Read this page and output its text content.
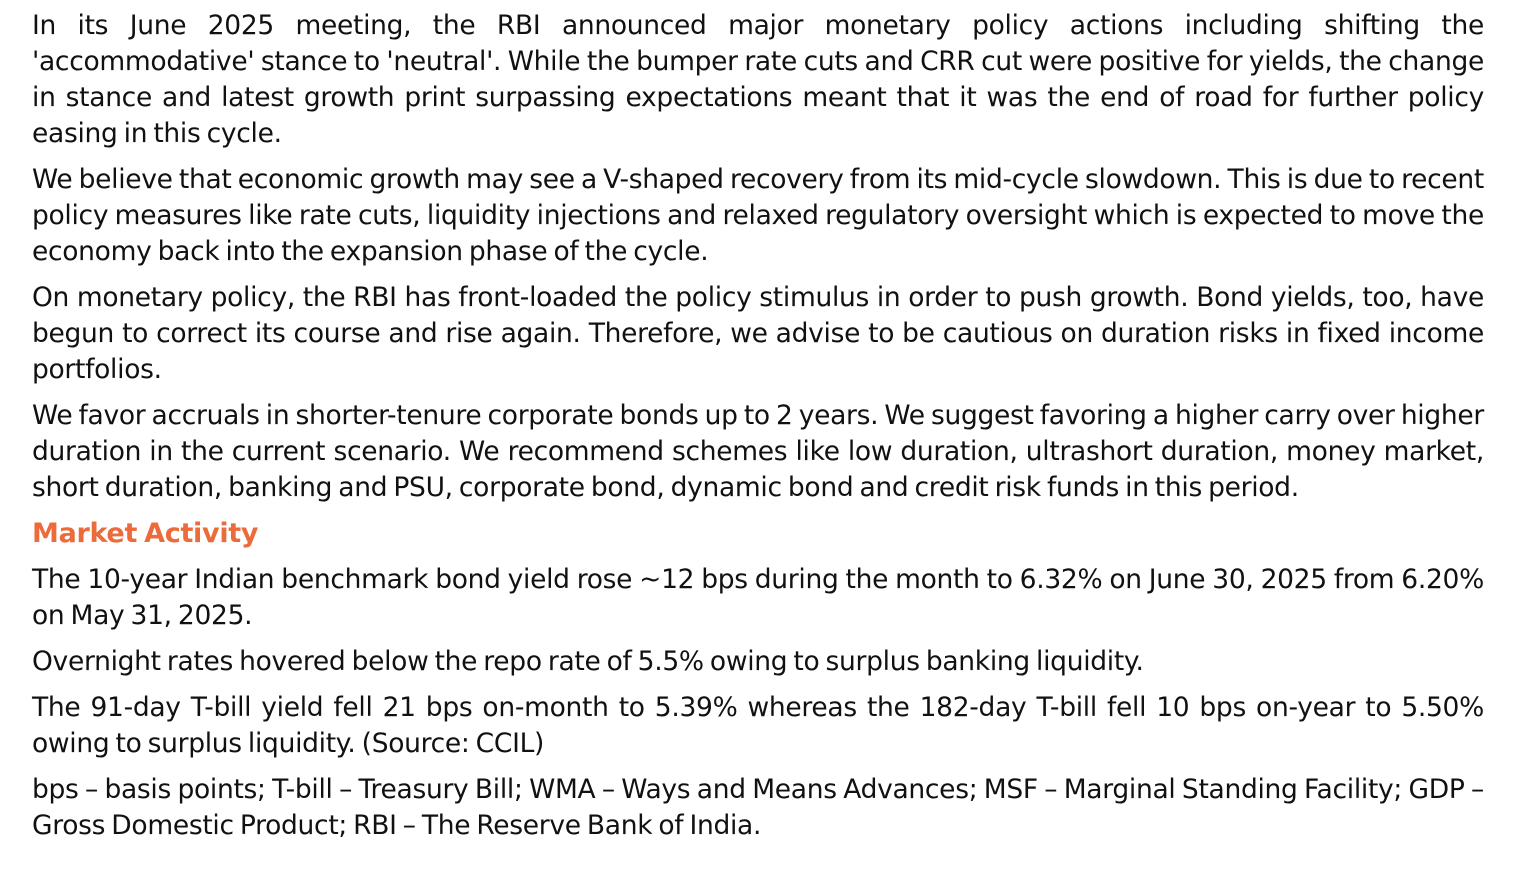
In its June 2025 meeting, the RBI announced major monetary policy actions including shifting the 'accommodative' stance to 'neutral'. While the bumper rate cuts and CRR cut were positive for yields, the change in stance and latest growth print surpassing expectations meant that it was the end of road for further policy easing in this cycle.

We believe that economic growth may see a V-shaped recovery from its mid-cycle slowdown. This is due to recent policy measures like rate cuts, liquidity injections and relaxed regulatory oversight which is expected to move the economy back into the expansion phase of the cycle.

On monetary policy, the RBI has front-loaded the policy stimulus in order to push growth. Bond yields, too, have begun to correct its course and rise again. Therefore, we advise to be cautious on duration risks in fixed income portfolios.

We favor accruals in shorter-tenure corporate bonds up to 2 years. We suggest favoring a higher carry over higher duration in the current scenario. We recommend schemes like low duration, ultrashort duration, money market, short duration, banking and PSU, corporate bond, dynamic bond and credit risk funds in this period.

Market Activity

The 10-year Indian benchmark bond yield rose ~12 bps during the month to 6.32% on June 30, 2025 from 6.20% on May 31, 2025.

Overnight rates hovered below the repo rate of 5.5% owing to surplus banking liquidity.

The 91-day T-bill yield fell 21 bps on-month to 5.39% whereas the 182-day T-bill fell 10 bps on-year to 5.50% owing to surplus liquidity. (Source: CCIL)

bps – basis points; T-bill – Treasury Bill; WMA – Ways and Means Advances; MSF – Marginal Standing Facility; GDP – Gross Domestic Product; RBI – The Reserve Bank of India.
